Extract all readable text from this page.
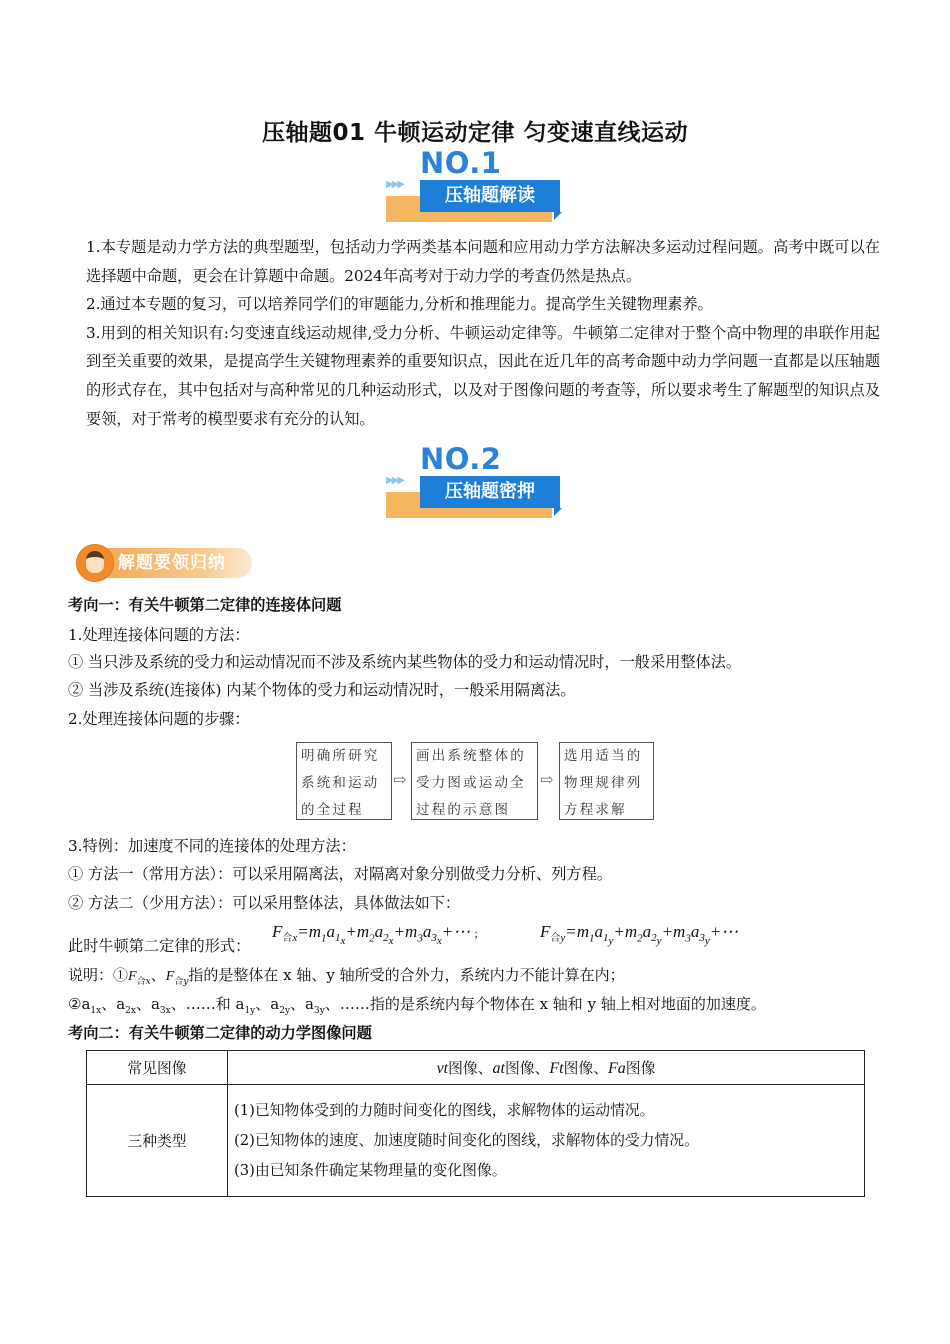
压轴题01 牛顿运动定律 匀变速直线运动
NO.1
▶▶▶
压轴题解读

1.本专题是动力学方法的典型题型，包括动力学两类基本问题和应用动力学方法解决多运动过程问题。高考中既可以在选择题中命题，更会在计算题中命题。2024年高考对于动力学的考查仍然是热点。

2.通过本专题的复习，可以培养同学们的审题能力,分析和推理能力。提高学生关键物理素养。

3.用到的相关知识有:匀变速直线运动规律,受力分析、牛顿运动定律等。牛顿第二定律对于整个高中物理的串联作用起到至关重要的效果，是提高学生关键物理素养的重要知识点，因此在近几年的高考命题中动力学问题一直都是以压轴题的形式存在，其中包括对与高种常见的几种运动形式，以及对于图像问题的考查等，所以要求考生了解题型的知识点及要领，对于常考的模型要求有充分的认知。

NO.2
▶▶▶
压轴题密押
解题要领归纳
考向一：有关牛顿第二定律的连接体问题
1.处理连接体问题的方法：
① 当只涉及系统的受力和运动情况而不涉及系统内某些物体的受力和运动情况时，一般采用整体法。
② 当涉及系统(连接体) 内某个物体的受力和运动情况时，一般采用隔离法。
2.处理连接体问题的步骤：
明确所研究
系统和运动
的全过程
⇨
画出系统整体的
受力图或运动全
过程的示意图
⇨
选用适当的
物理规律列
方程求解
3.特例：加速度不同的连接体的处理方法：
① 方法一（常用方法）：可以采用隔离法，对隔离对象分别做受力分析、列方程。
② 方法二（少用方法）：可以采用整体法，具体做法如下：
此时牛顿第二定律的形式：
$F_{合x}=m_1a_{1_x}+m_2a_{2_x}+m_3a_{3_x}+\cdots$ ;	$F_{合y}=m_1a_{1_y}+m_2a_{2_y}+m_3a_{3_y}+\cdots$
说明：$①F_{合x}$、$F_{合y}$指的是整体在 x 轴、y 轴所受的合外力，系统内力不能计算在内；
$②a_{1x}$、$a_{2x}$、$a_{3x}$、……和 $a_{1y}$、$a_{2y}$、$a_{3y}$、……指的是系统内每个物体在 x 轴和 y 轴上相对地面的加速度。
考向二：有关牛顿第二定律的动力学图像问题
常见图像	vt图像、at图像、Ft图像、Fa图像
三种类型	(1)已知物体受到的力随时间变化的图线，求解物体的运动情况。
(2)已知物体的速度、加速度随时间变化的图线，求解物体的受力情况。
(3)由已知条件确定某物理量的变化图像。
